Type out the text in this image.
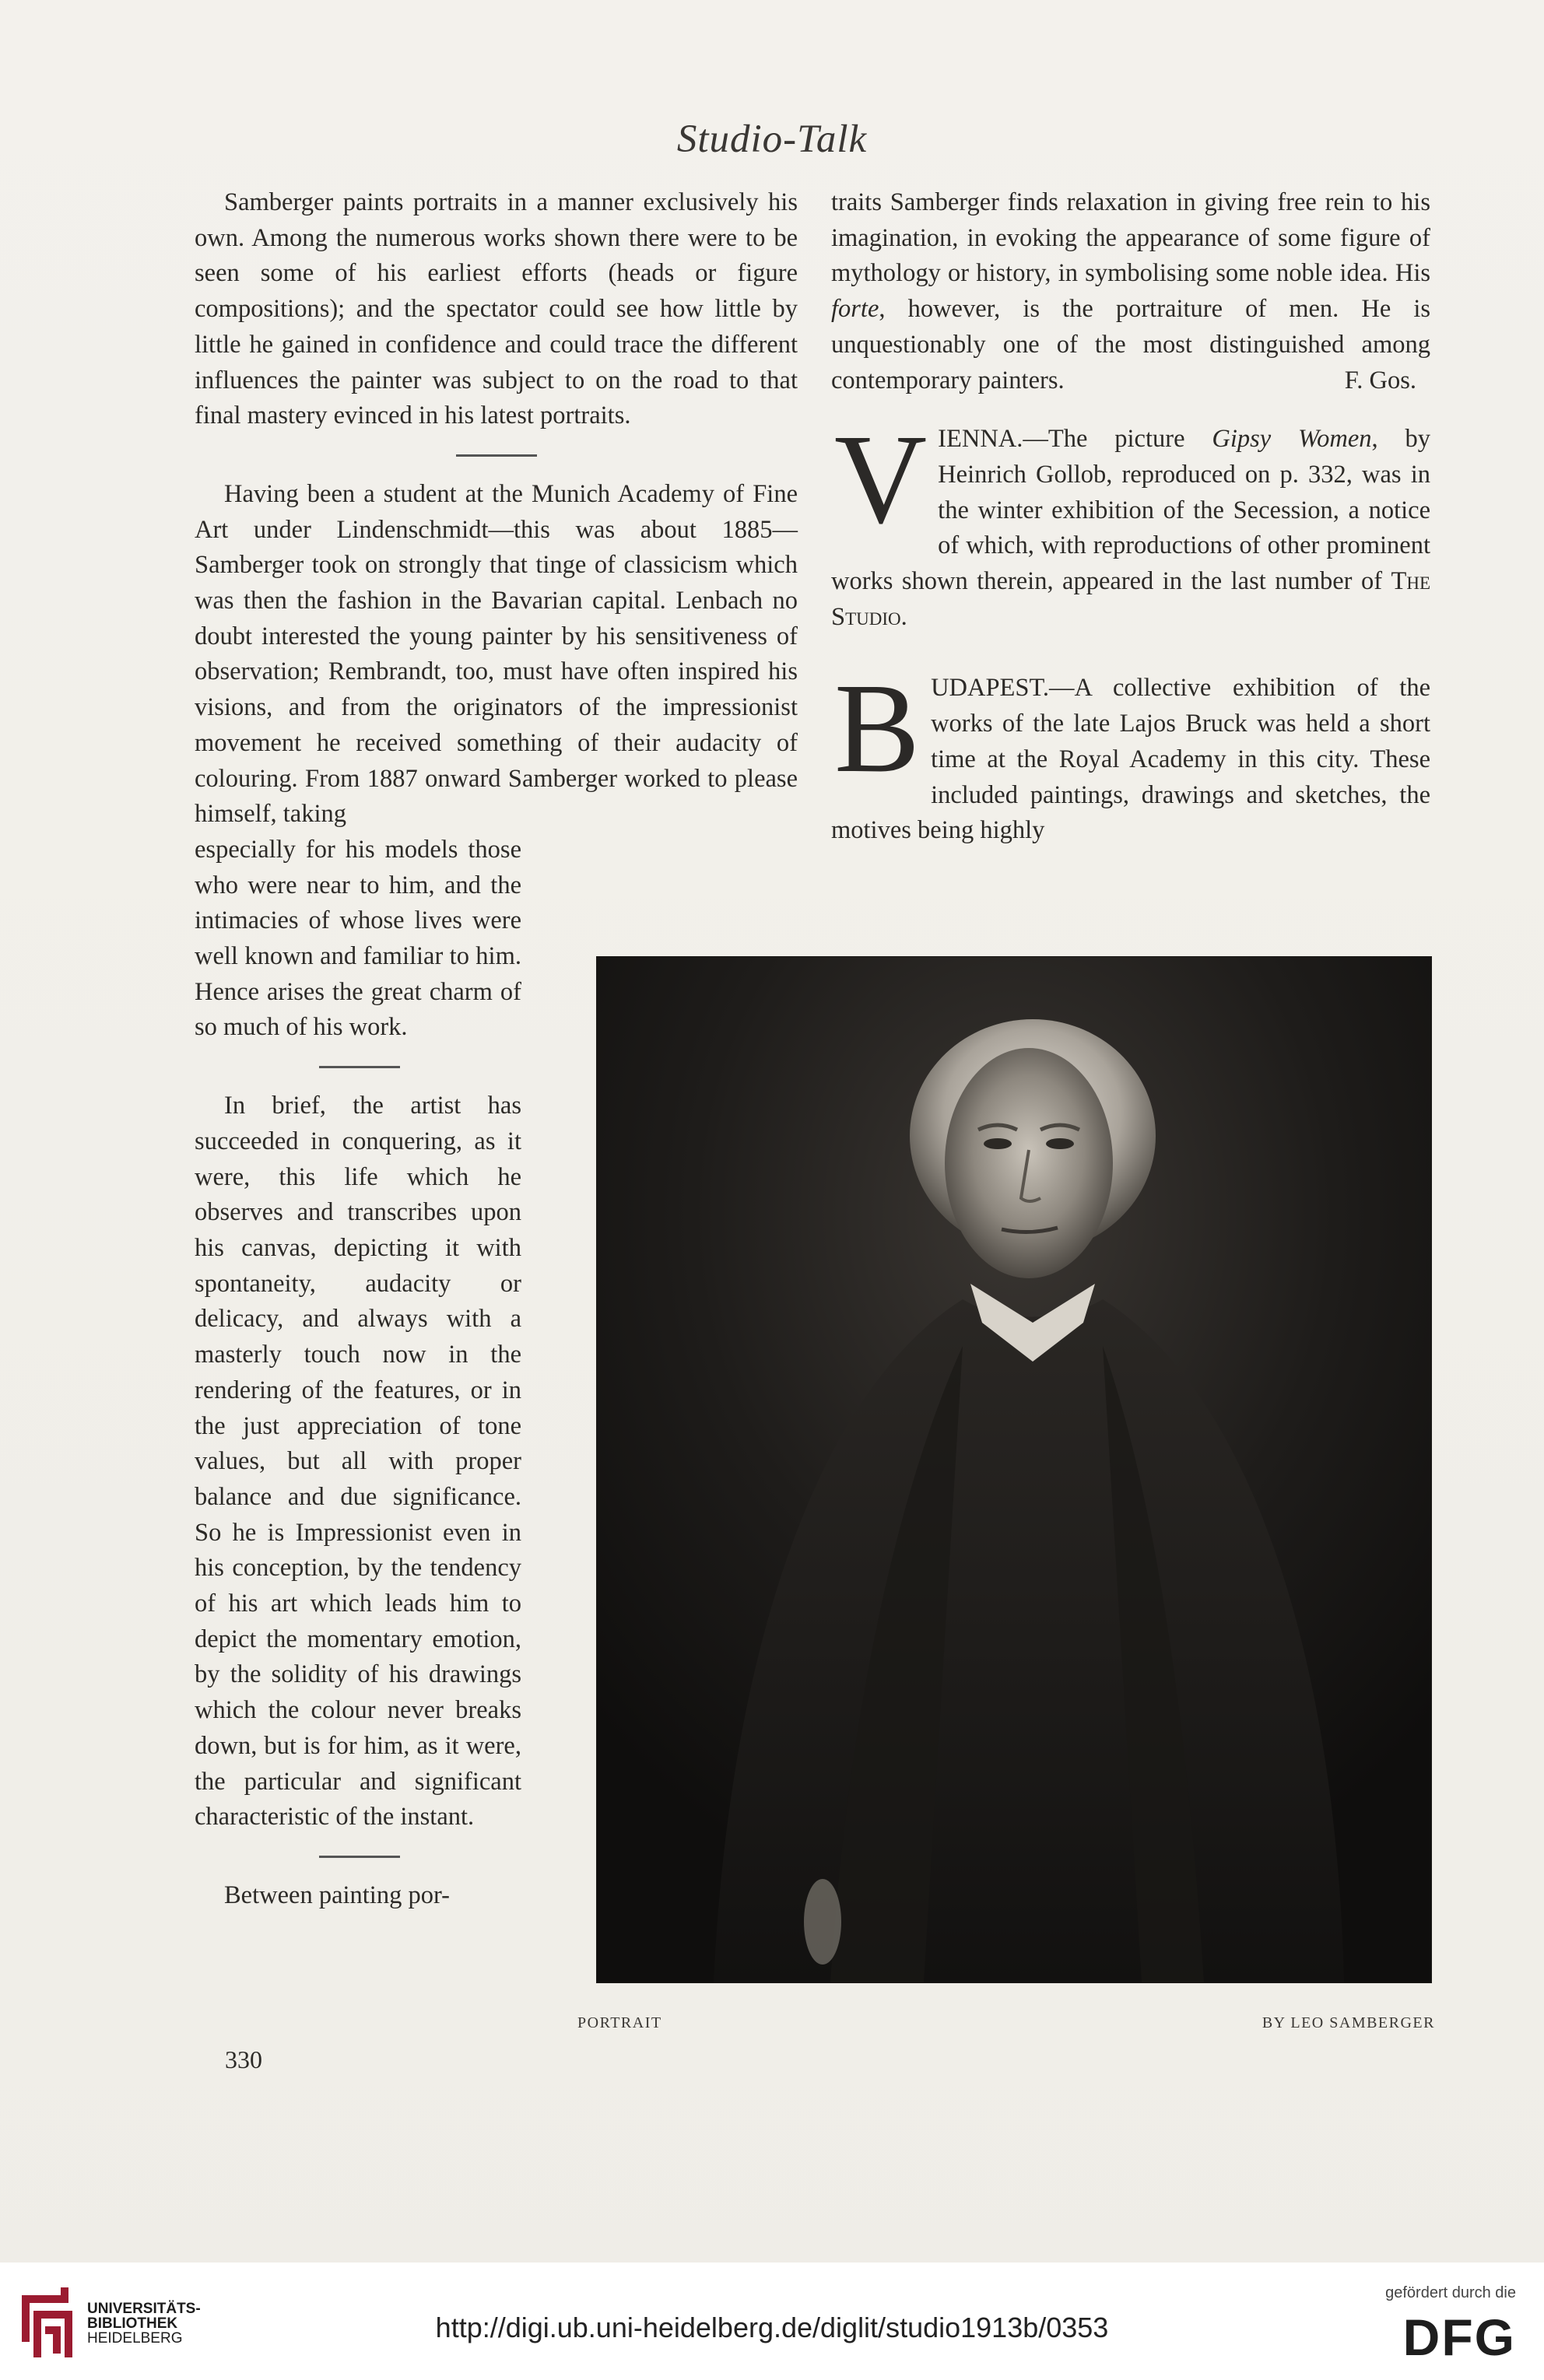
Studio-Talk

Samberger paints portraits in a manner exclusively his own. Among the numerous works shown there were to be seen some of his earliest efforts (heads or figure compositions); and the spectator could see how little by little he gained in confidence and could trace the different influences the painter was subject to on the road to that final mastery evinced in his latest portraits.

Having been a student at the Munich Academy of Fine Art under Lindenschmidt—this was about 1885—Samberger took on strongly that tinge of classicism which was then the fashion in the Bavarian capital. Lenbach no doubt interested the young painter by his sensitiveness of observation; Rembrandt, too, must have often inspired his visions, and from the originators of the impressionist movement he received something of their audacity of colouring. From 1887 onward Samberger worked to please himself, taking

especially for his models those who were near to him, and the intimacies of whose lives were well known and familiar to him. Hence arises the great charm of so much of his work.

In brief, the artist has succeeded in conquering, as it were, this life which he observes and transcribes upon his canvas, depicting it with spontaneity, audacity or delicacy, and always with a masterly touch now in the rendering of the features, or in the just appreciation of tone values, but all with proper balance and due significance. So he is Impressionist even in his conception, by the tendency of his art which leads him to depict the momentary emotion, by the solidity of his drawings which the colour never breaks down, but is for him, as it were, the particular and significant characteristic of the instant.

Between painting por-

traits Samberger finds relaxation in giving free rein to his imagination, in evoking the appearance of some figure of mythology or history, in symbolising some noble idea. His forte, however, is the portraiture of men. He is unquestionably one of the most distinguished among contemporary painters.	F. Gos.

VIENNA.—The picture Gipsy Women, by Heinrich Gollob, reproduced on p. 332, was in the winter exhibition of the Secession, a notice of which, with reproductions of other prominent works shown therein, appeared in the last number of The Studio.

BUDAPEST.—A collective exhibition of the works of the late Lajos Bruck was held a short time at the Royal Academy in this city. These included paintings, drawings and sketches, the motives being highly

PORTRAIT	BY LEO SAMBERGER
330
UNIVERSITÄTS-
BIBLIOTHEK
HEIDELBERG	http://digi.ub.uni-heidelberg.de/diglit/studio1913b/0353
gefördert durch die
DFG
